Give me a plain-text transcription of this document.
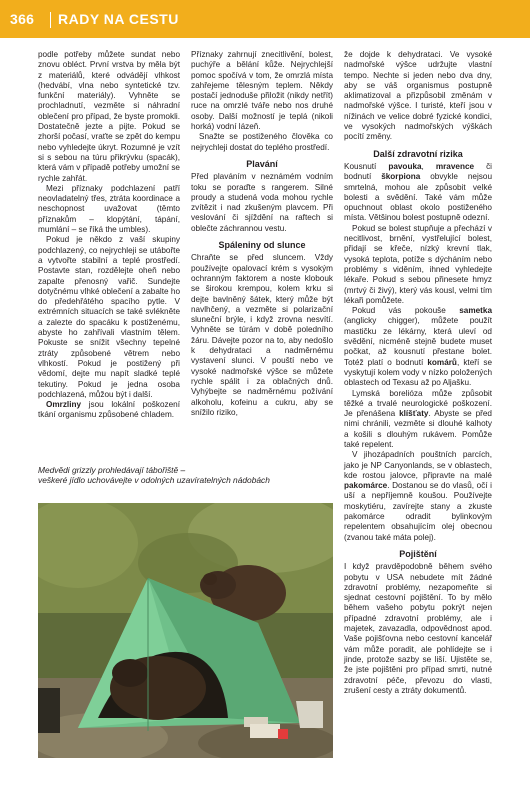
366 RADY NA CESTU

podle potřeby můžete sundat nebo znovu obléct. První vrstva by měla být z materiálů, které odvádějí vlhkost (hedvábí, vlna nebo syntetické tzv. funkční materiály). Vyhněte se prochladnutí, vezměte si náhradní oblečení pro případ, že byste promokli. Dostatečně jezte a pijte. Pokud se zhorší počasí, vraťte se zpět do kempu nebo vyhledejte úkryt. Rozumné je vzít si s sebou na túru přikrývku (spacák), která vám v případě potřeby umožní se rychle zahřát.

Mezi příznaky podchlazení patří neovladatelný třes, ztráta koordinace a neschopnost uvažovat (těmto příznakům – klopýtání, tápání, mumlání – se říká the umbles).

Pokud je někdo z vaší skupiny podchlazený, co nejrychleji se utábořte a vytvořte stabilní a teplé prostředí. Postavte stan, rozdělejte oheň nebo zapalte přenosný vařič. Sundejte dotyčnému vlhké oblečení a zabalte ho do předehřátého spacího pytle. V extrémních situacích se také svlékněte a zalezte do spacáku k postiženému, abyste ho zahřívali vlastním tělem. Pokuste se snížit všechny tepelné ztráty způsobené větrem nebo vlhkostí. Pokud je postižený při vědomí, dejte mu napít sladké teplé tekutiny. Pokud je jedna osoba podchlazená, můžou být i další.

Omrzliny jsou lokální poškození tkání organismu způsobené chladem.

Příznaky zahrnují znecitlivění, bolest, puchýře a bělání kůže. Nejrychlejší pomoc spočívá v tom, že omrzlá místa zahřejeme tělesným teplem. Někdy postačí jednoduše přiložit (nikdy netřít) ruce na omrzlé tváře nebo nos druhé osoby. Další možností je teplá (nikoli horká) vodní lázeň.

Snažte se postiženého člověka co nejrychleji dostat do teplého prostředí.

Plavání

Před plaváním v neznámém vodním toku se poraďte s rangerem. Silné proudy a studená voda mohou rychle zvítězit i nad zkušeným plavcem. Při veslování či sjíždění na raftech si oblečte záchrannou vestu.

Spáleniny od slunce

Chraňte se před sluncem. Vždy používejte opalovací krém s vysokým ochranným faktorem a noste klobouk se širokou krempou, kolem krku si dejte bavlněný šátek, který může být navlhčený, a vezměte si polarizační sluneční brýle, i když zrovna nesvítí. Vyhněte se túrám v době poledního žáru. Dávejte pozor na to, aby nedošlo k dehydrataci a nadměrnému vystavení slunci. V pouští nebo ve vysoké nadmořské výšce se můžete rychle spálit i za oblačných dnů. Vyhýbejte se nadměrnému požívání alkoholu, kofeinu a cukru, aby se snížilo riziko,

že dojde k dehydrataci. Ve vysoké nadmořské výšce udržujte vlastní tempo. Nechte si jeden nebo dva dny, aby se váš organismus postupně aklimatizoval a přizpůsobil změnám v nadmořské výšce. I turisté, kteří jsou v nížinách ve velice dobré fyzické kondici, ve vysokých nadmořských výškách pocítí změny.

Další zdravotní rizika

Kousnutí pavouka, mravence či bodnutí škorpiona obvykle nejsou smrtelná, mohou ale způsobit velké bolesti a svědění. Také vám může opuchnout oblast okolo postiženého místa. Většinou bolest postupně odezní.

Pokud se bolest stupňuje a přechází v necitlivost, brnění, vystřelující bolest, přidají se křeče, nízký krevní tlak, vysoká teplota, potíže s dýcháním nebo problémy s viděním, ihned vyhledejte lékaře. Pokud s sebou přinesete hmyz (mrtvý či živý), který vás kousl, velmi tím lékaři pomůžete.

Pokud vás pokouše sametka (anglicky chigger), můžete použít mastičku ze lékárny, která uleví od svědění, nicméně stejně budete muset počkat, až kousnutí přestane bolet. Totéž platí o bodnutí komárů, kteří se vyskytují kolem vody v nízko položených oblastech od Texasu až po Aljašku.

Lymská borelióza může způsobit těžké a trvalé neurologické poškození. Je přenášena klíšťaty. Abyste se před nimi chránili, vezměte si dlouhé kalhoty a košili s dlouhým rukávem. Pomůže také repelent.

V jihozápadních pouštních parcích, jako je NP Canyonlands, se v oblastech, kde rostou jalovce, připravte na malé pakomárce. Dostanou se do vlasů, očí i uší a nepříjemně koušou. Používejte moskytiéru, zavírejte stany a zkuste pakomárce odradit bylinkovým repelentem obsahujícím olej obecnou (zvanou také máta polej).

Pojištění

I když pravděpodobně během svého pobytu v USA nebudete mít žádné zdravotní problémy, nezapomeňte si sjednat cestovní pojištění. To by mělo během vašeho pobytu pokrýt nejen případné zdravotní problémy, ale i majetek, zavazadla, odpovědnost apod. Vaše pojišťovna nebo cestovní kancelář vám může poradit, ale pohlídejte se i jinde, protože sazby se liší. Ujistěte se, že jste pojištěni pro případ smrti, nutné zdravotní péče, převozu do vlasti, zrušení cesty a ztráty dokumentů.

Medvědi grizzly prohledávají tábořiště –
veškeré jídlo uchovávejte v odolných uzavíratelných nádobách
